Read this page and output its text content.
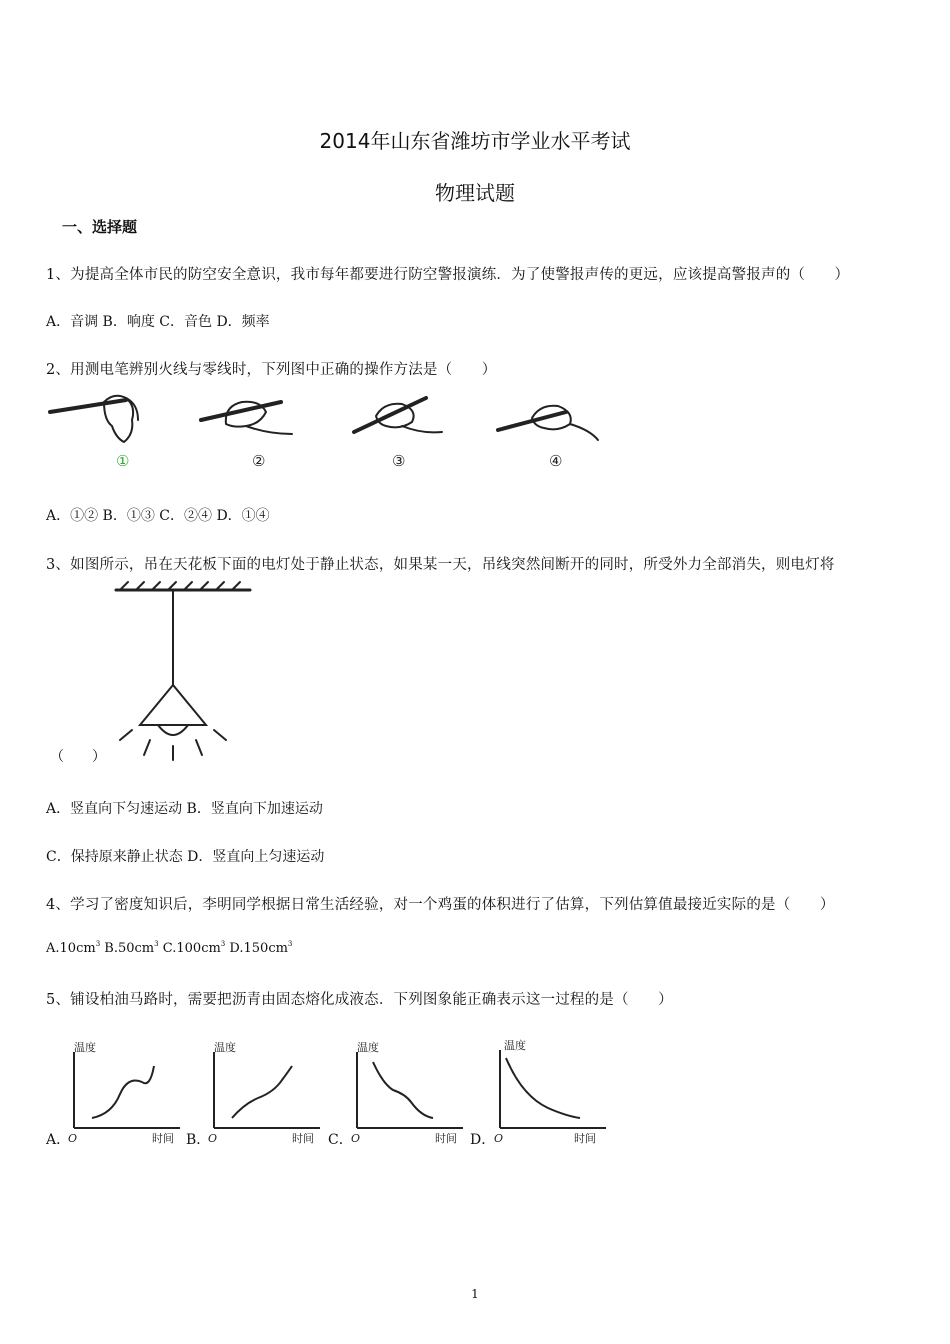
2014年山东省潍坊市学业水平考试
物理试题
一、选择题
1、为提高全体市民的防空安全意识，我市每年都要进行防空警报演练．为了使警报声传的更远，应该提高警报声的（　　）
A．音调 B．响度 C．音色 D．频率
2、用测电笔辨别火线与零线时，下列图中正确的操作方法是（　　）
①	②	③	④
A．①② B．①③ C．②④ D．①④
3、如图所示，吊在天花板下面的电灯处于静止状态，如果某一天，吊线突然间断开的同时，所受外力全部消失，则电灯将
（　　）
A．竖直向下匀速运动 B．竖直向下加速运动
C．保持原来静止状态 D．竖直向上匀速运动
4、学习了密度知识后，李明同学根据日常生活经验，对一个鸡蛋的体积进行了估算，下列估算值最接近实际的是（　　）
$A.10cm^3$ $B.50cm^3$ $C.100cm^3$ $D.150cm^3$
5、铺设柏油马路时，需要把沥青由固态熔化成液态．下列图象能正确表示这一过程的是（　　）
A．	B．	C．	D．
温度
O	时间
温度
O	时间
温度
O	时间
温度
O	时间
1
